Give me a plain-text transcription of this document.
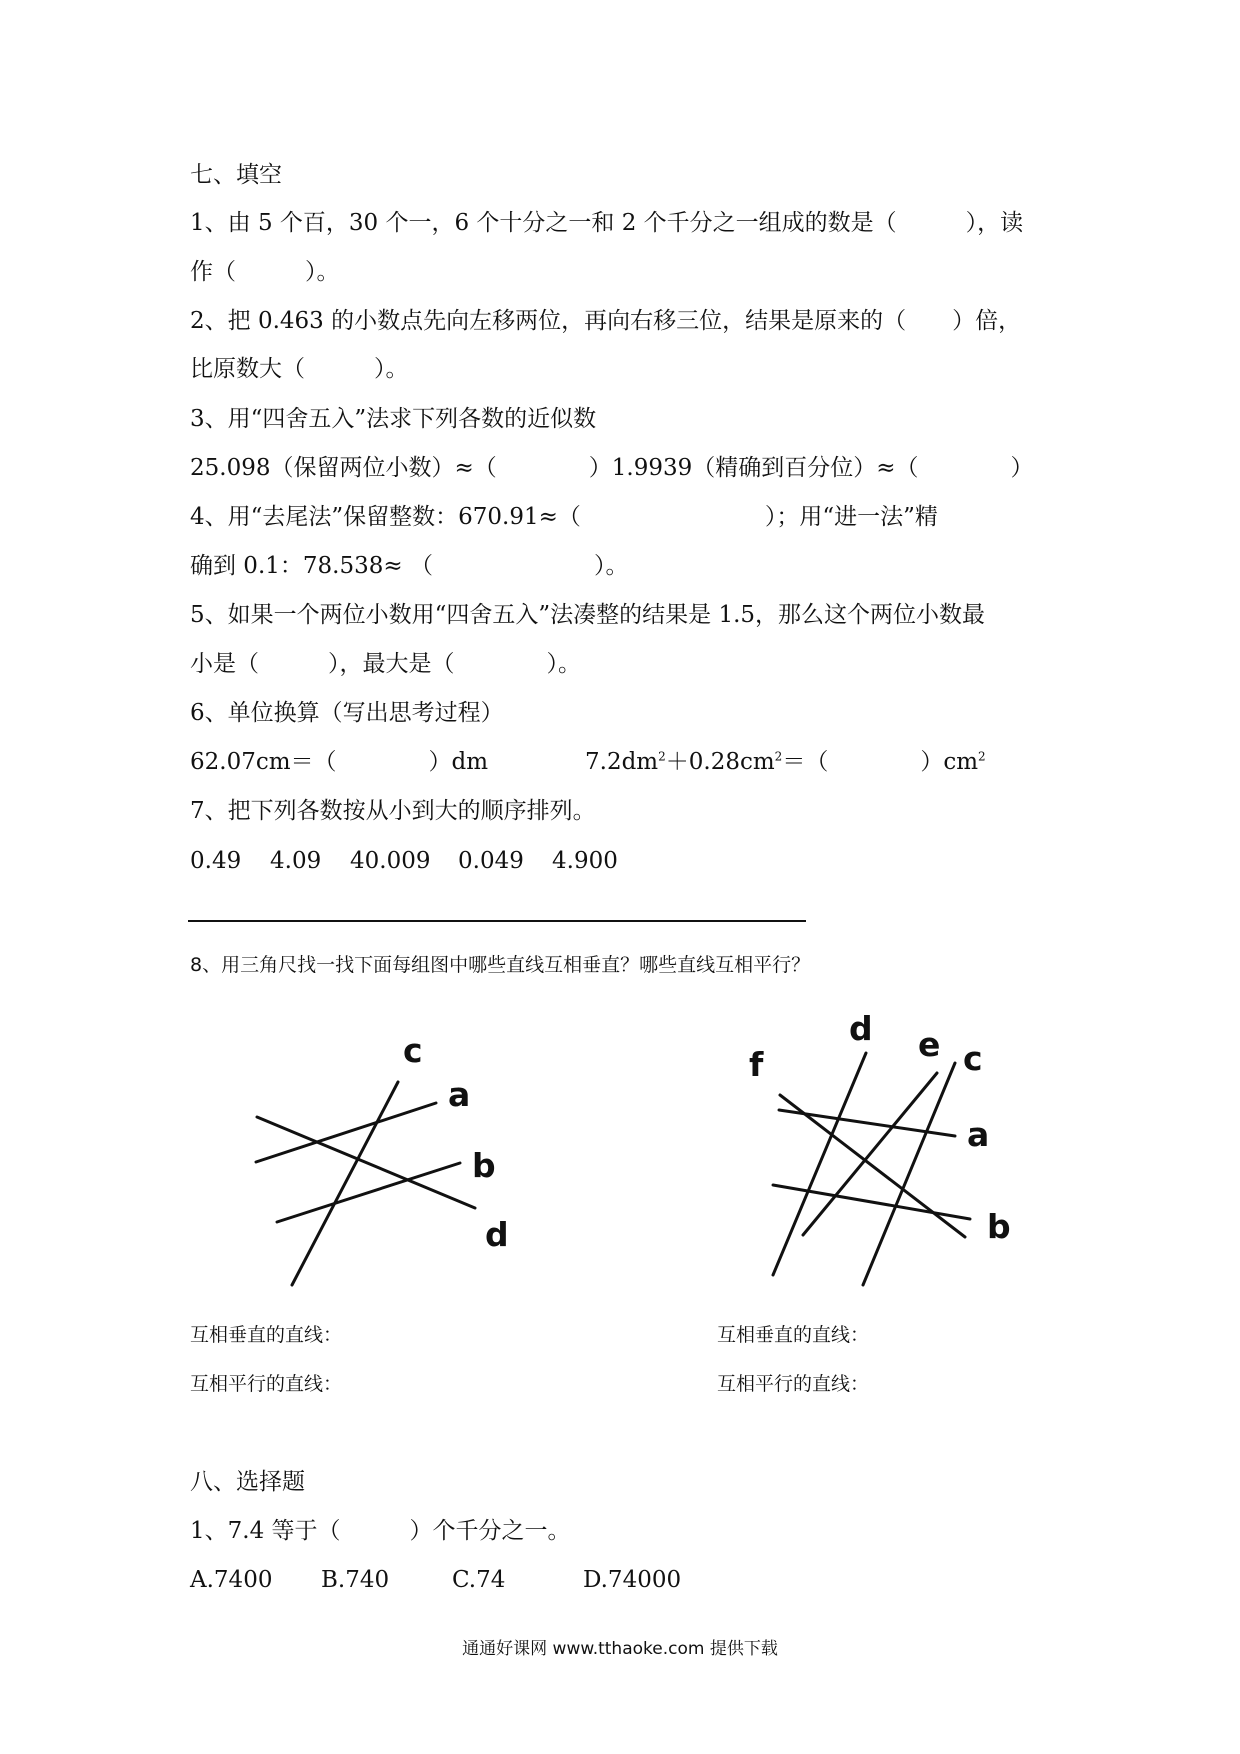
七、填空
1、由 5 个百，30 个一，6 个十分之一和 2 个千分之一组成的数是（　　　），读
作（　　　）。
2、把 0.463 的小数点先向左移两位，再向右移三位，结果是原来的（　　）倍，
比原数大（　　　）。
3、用“四舍五入”法求下列各数的近似数
25.098（保留两位小数）≈（　　　　）1.9939（精确到百分位）≈（　　　　）
4、用“去尾法”保留整数：670.91≈（　　　　　　　　）；用“进一法”精
确到 0.1：78.538≈ （　　　　　　　）。
5、如果一个两位小数用“四舍五入”法凑整的结果是 1.5，那么这个两位小数最
小是（　　　），最大是（　　　　）。
6、单位换算（写出思考过程）
62.07cm＝（　　　　）dm	$7.2dm^2+0.28cm^2=$（　　　　）$cm^2$
7、把下列各数按从小到大的顺序排列。
0.49 4.09 40.009 0.049 4.900
8、用三角尺找一找下面每组图中哪些直线互相垂直？哪些直线互相平行？
c
a
b
d
d e c
f
a
b
互相垂直的直线：
互相平行的直线：
互相垂直的直线：
互相平行的直线：
八、选择题
1、7.4 等于（　　　）个千分之一。
A.7400 B.740	C.74	D.74000
通通好课网 www.tthaoke.com 提供下载
